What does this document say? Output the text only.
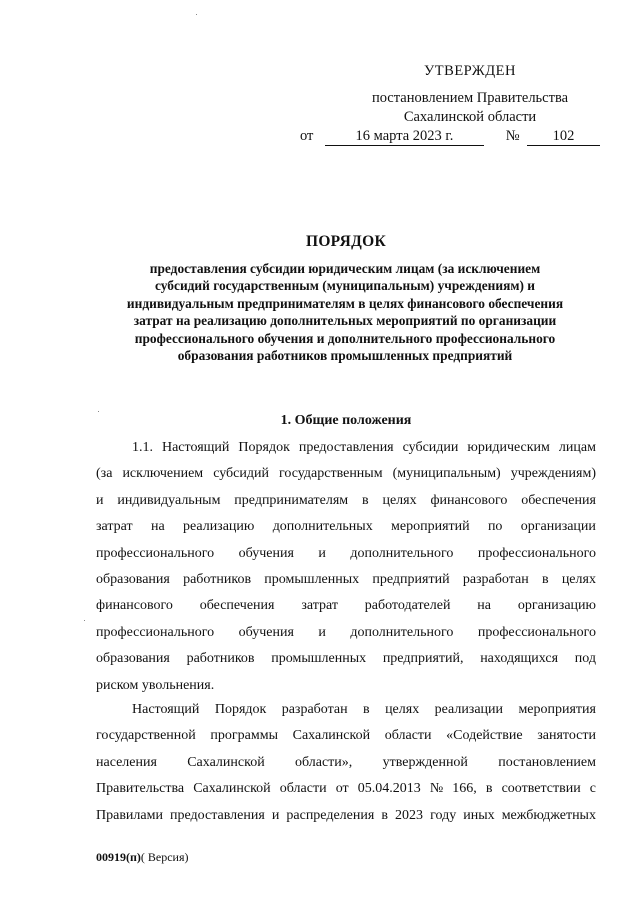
УТВЕРЖДЕН
постановлением Правительства
Сахалинской области
от	16 марта 2023 г.	№	102
ПОРЯДОК
предоставления субсидии юридическим лицам (за исключением
субсидий государственным (муниципальным) учреждениям) и
индивидуальным предпринимателям в целях финансового обеспечения
затрат на реализацию дополнительных мероприятий по организации
профессионального обучения и дополнительного профессионального
образования работников промышленных предприятий
1. Общие положения
1.1. Настоящий Порядок предоставления субсидии юридическим лицам
(за исключением субсидий государственным (муниципальным) учреждениям)
и индивидуальным предпринимателям в целях финансового обеспечения
затрат на реализацию дополнительных мероприятий по организации
профессионального обучения и дополнительного профессионального
образования работников промышленных предприятий разработан в целях
финансового обеспечения затрат работодателей на организацию
профессионального обучения и дополнительного профессионального
образования работников промышленных предприятий, находящихся под
риском увольнения.
Настоящий Порядок разработан в целях реализации мероприятия
государственной программы Сахалинской области «Содействие занятости
населения Сахалинской области», утвержденной постановлением
Правительства Сахалинской области от 05.04.2013 № 166, в соответствии с
Правилами предоставления и распределения в 2023 году иных межбюджетных
00919(п)( Версия)
